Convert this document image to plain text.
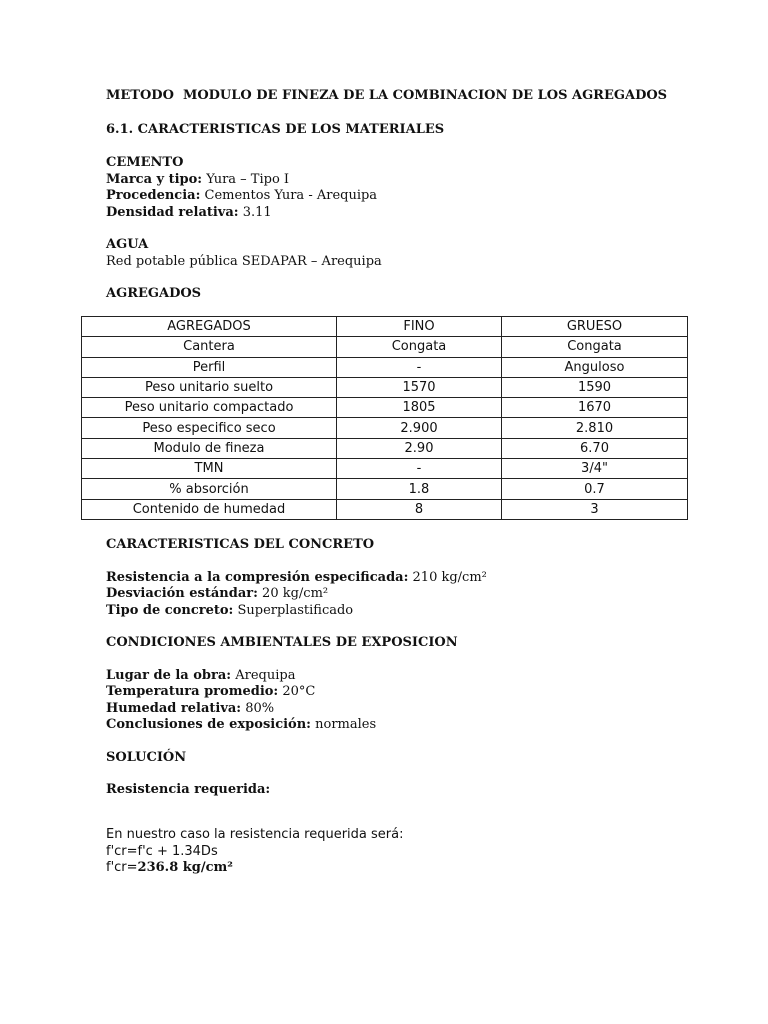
METODO  MODULO DE FINEZA DE LA COMBINACION DE LOS AGREGADOS
6.1. CARACTERISTICAS DE LOS MATERIALES
CEMENTO
Marca y tipo: Yura – Tipo I
Procedencia: Cementos Yura - Arequipa
Densidad relativa: 3.11
AGUA
Red potable pública SEDAPAR – Arequipa
AGREGADOS
AGREGADOS	FINO	GRUESO
Cantera	Congata	Congata
Perfil	-	Anguloso
Peso unitario suelto	1570	1590
Peso unitario compactado	1805	1670
Peso especifico seco	2.900	2.810
Modulo de fineza	2.90	6.70
TMN	-	3/4"
% absorción	1.8	0.7
Contenido de humedad	8	3
CARACTERISTICAS DEL CONCRETO
Resistencia a la compresión especificada: 210 kg/cm²
Desviación estándar: 20 kg/cm²
Tipo de concreto: Superplastificado
CONDICIONES AMBIENTALES DE EXPOSICION
Lugar de la obra: Arequipa
Temperatura promedio: 20°C
Humedad relativa: 80%
Conclusiones de exposición: normales
SOLUCIÓN
Resistencia requerida:
En nuestro caso la resistencia requerida será:
f'cr=f'c + 1.34Ds
f'cr=236.8 kg/cm²
